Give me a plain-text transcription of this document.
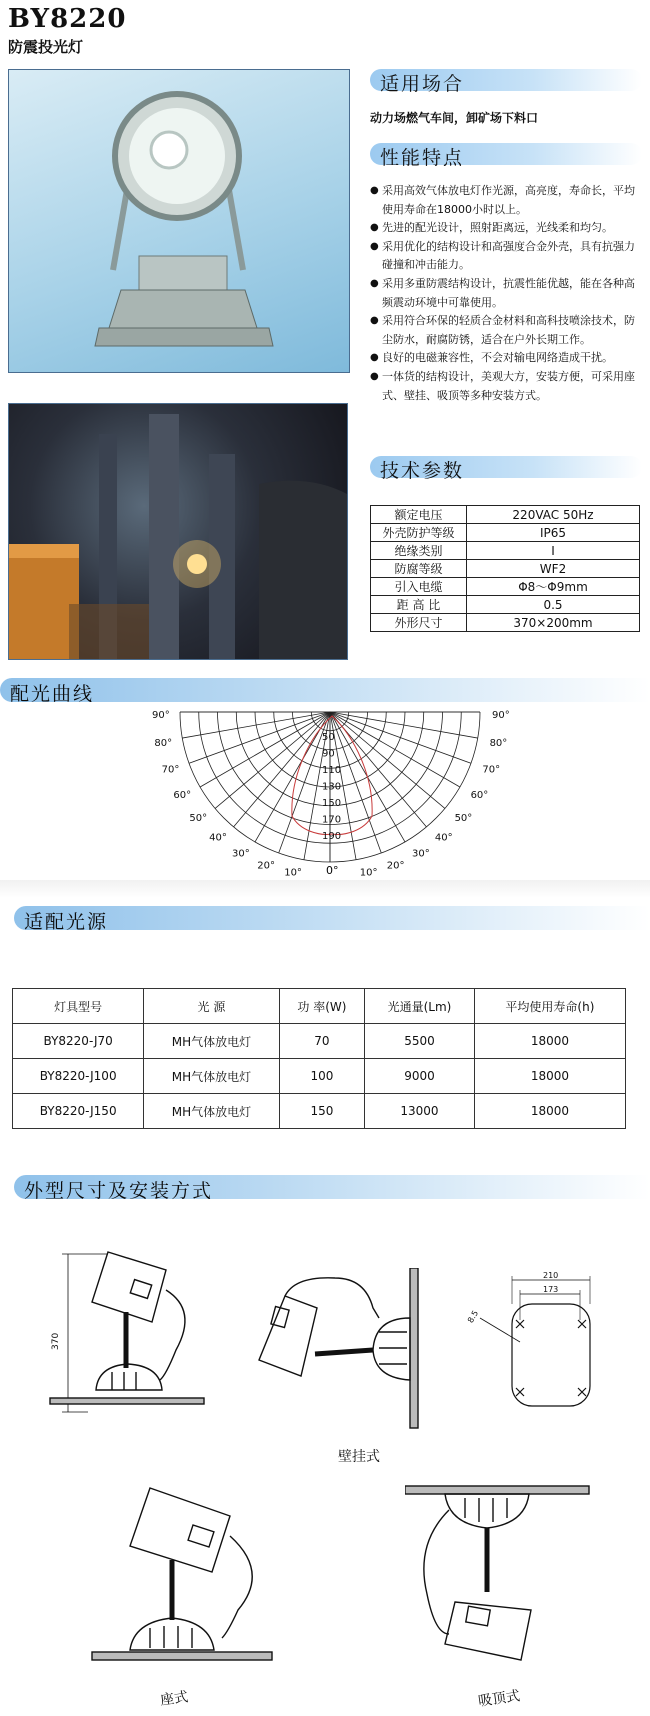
BY8220
防震投光灯
适用场合
动力场燃气车间，卸矿场下料口
性能特点
● 采用高效气体放电灯作光源，高亮度，寿命长，平均使用寿命在18000小时以上。
● 先进的配光设计，照射距离远，光线柔和均匀。
● 采用优化的结构设计和高强度合金外壳，具有抗强力碰撞和冲击能力。
● 采用多重防震结构设计，抗震性能优越，能在各种高频震动环境中可靠使用。
● 采用符合环保的轻质合金材料和高科技喷涂技术，防尘防水，耐腐防锈，适合在户外长期工作。
● 良好的电磁兼容性，不会对输电网络造成干扰。
● 一体货的结构设计，美观大方，安装方便，可采用座式、壁挂、吸顶等多种安装方式。
技术参数
额定电压	220VAC 50Hz
外壳防护等级	IP65
绝缘类别	I
防腐等级	WF2
引入电缆	Φ8～Φ9mm
距 高 比	0.5
外形尺寸	370×200mm
配光曲线
90°
80°
70°
60°
50°
40°
30°
20°
10°
90°
80°
70°
60°
50°
40°
30°
20°
10°
50
90
110
130
150
170
190
0°
适配光源
灯具型号	光 源	功 率(W)	光通量(Lm)	平均使用寿命(h)
BY8220-J70	MH气体放电灯	70	5500	18000
BY8220-J100	MH气体放电灯	100	9000	18000
BY8220-J150	MH气体放电灯	150	13000	18000
外型尺寸及安装方式
370
210
173
8.5
壁挂式
座式	吸顶式
